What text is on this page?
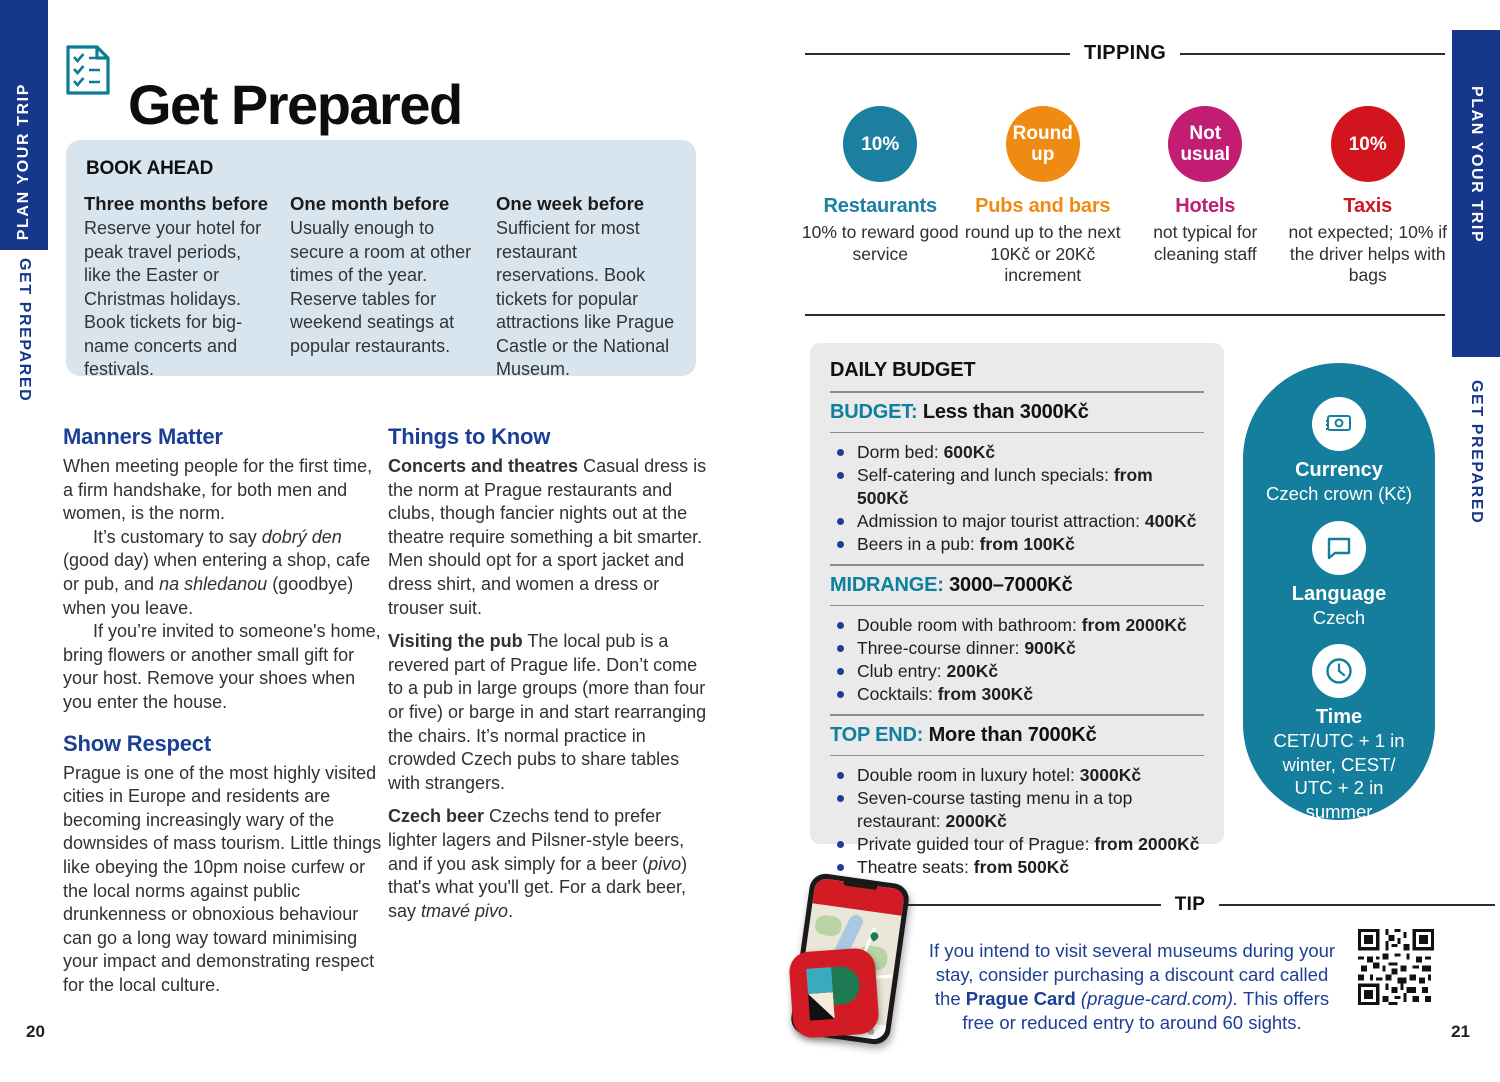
PLAN YOUR TRIP
GET PREPARED
20
PLAN YOUR TRIP
GET PREPARED
21
Get Prepared
BOOK AHEAD
Three months before

Reserve your hotel for peak travel periods, like the Easter or Christmas holidays. Book tickets for big-name concerts and festivals.

One month before

Usually enough to secure a room at other times of the year. Reserve tables for weekend seatings at popular restaurants.

One week before

Sufficient for most restaurant reservations. Book tickets for popular attractions like Prague Castle or the National Museum.

Manners Matter

When meeting people for the first time, a firm handshake, for both men and women, is the norm.

It’s customary to say dobrý den (good day) when entering a shop, cafe or pub, and na shledanou (goodbye) when you leave.

If you’re invited to someone's home, bring flowers or another small gift for your host. Remove your shoes when you enter the house.

Show Respect

Prague is one of the most highly visited cities in Europe and residents are becoming increasingly wary of the downsides of mass tourism. Little things like obeying the 10pm noise curfew or the local norms against public drunkenness or obnoxious behaviour can go a long way toward minimising your impact and demonstrating respect for the local culture.

Things to Know

Concerts and theatres Casual dress is the norm at Prague restaurants and clubs, though fancier nights out at the theatre require something a bit smarter. Men should opt for a sport jacket and dress shirt, and women a dress or trouser suit.

Visiting the pub The local pub is a revered part of Prague life. Don’t come to a pub in large groups (more than four or five) or barge in and start rearranging the chairs. It’s normal practice in crowded Czech pubs to share tables with strangers.

Czech beer Czechs tend to prefer lighter lagers and Pilsner-style beers, and if you ask simply for a beer (pivo) that's what you'll get. For a dark beer, say tmavé pivo.

TIPPING
10%
Restaurants
10% to reward good service
Round up
Pubs and bars
round up to the next 10Kč or 20Kč increment
Not usual
Hotels
not typical for cleaning staff
10%
Taxis
not expected; 10% if the driver helps with bags
DAILY BUDGET
BUDGET: Less than 3000Kč
Dorm bed: 600Kč
Self-catering and lunch specials: from 500Kč
Admission to major tourist attraction: 400Kč
Beers in a pub: from 100Kč
MIDRANGE: 3000–7000Kč
Double room with bathroom: from 2000Kč
Three-course dinner: 900Kč
Club entry: 200Kč
Cocktails: from 300Kč
TOP END: More than 7000Kč
Double room in luxury hotel: 3000Kč
Seven-course tasting menu in a top restaurant: 2000Kč
Private guided tour of Prague: from 2000Kč
Theatre seats: from 500Kč
Currency
Czech crown (Kč)
Language
Czech
Time
CET/UTC + 1 in winter, CEST/ UTC + 2 in summer
TIP

If you intend to visit several museums during your stay, consider purchasing a discount card called the Prague Card (prague-card.com). This offers free or reduced entry to around 60 sights.
